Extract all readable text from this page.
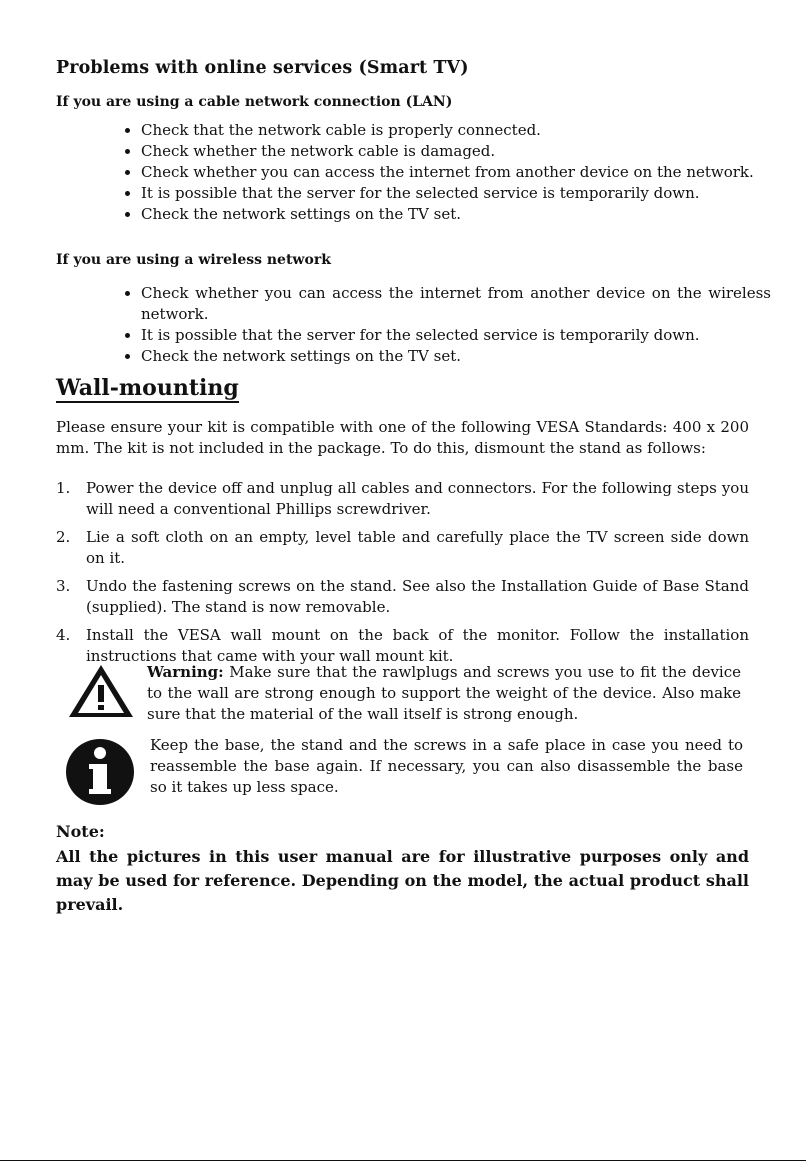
Problems with online services (Smart TV)
If you are using a cable network connection (LAN)
• Check that the network cable is properly connected.
• Check whether the network cable is damaged.
• Check whether you can access the internet from another device on the network.
• It is possible that the server for the selected service is temporarily down.
• Check the network settings on the TV set.
If you are using a wireless network
• Check whether you can access the internet from another device on the wireless network.
• It is possible that the server for the selected service is temporarily down.
• Check the network settings on the TV set.
Wall-mounting

Please ensure your kit is compatible with one of the following VESA Standards: 400 x 200 mm. The kit is not included in the package. To do this, dismount the stand as follows:

1. Power the device off and unplug all cables and connectors. For the following steps you will need a conventional Phillips screwdriver.
2. Lie a soft cloth on an empty, level table and carefully place the TV screen side down on it.
3. Undo the fastening screws on the stand. See also the Installation Guide of Base Stand (supplied). The stand is now removable.
4. Install the VESA wall mount on the back of the monitor. Follow the installation instructions that came with your wall mount kit.

Warning: Make sure that the rawlplugs and screws you use to fit the device to the wall are strong enough to support the weight of the device. Also make sure that the material of the wall itself is strong enough.

Keep the base, the stand and the screws in a safe place in case you need to reassemble the base again. If necessary, you can also disassemble the base so it takes up less space.

Note:

All the pictures in this user manual are for illustrative purposes only and may be used for reference. Depending on the model, the actual product shall prevail.
